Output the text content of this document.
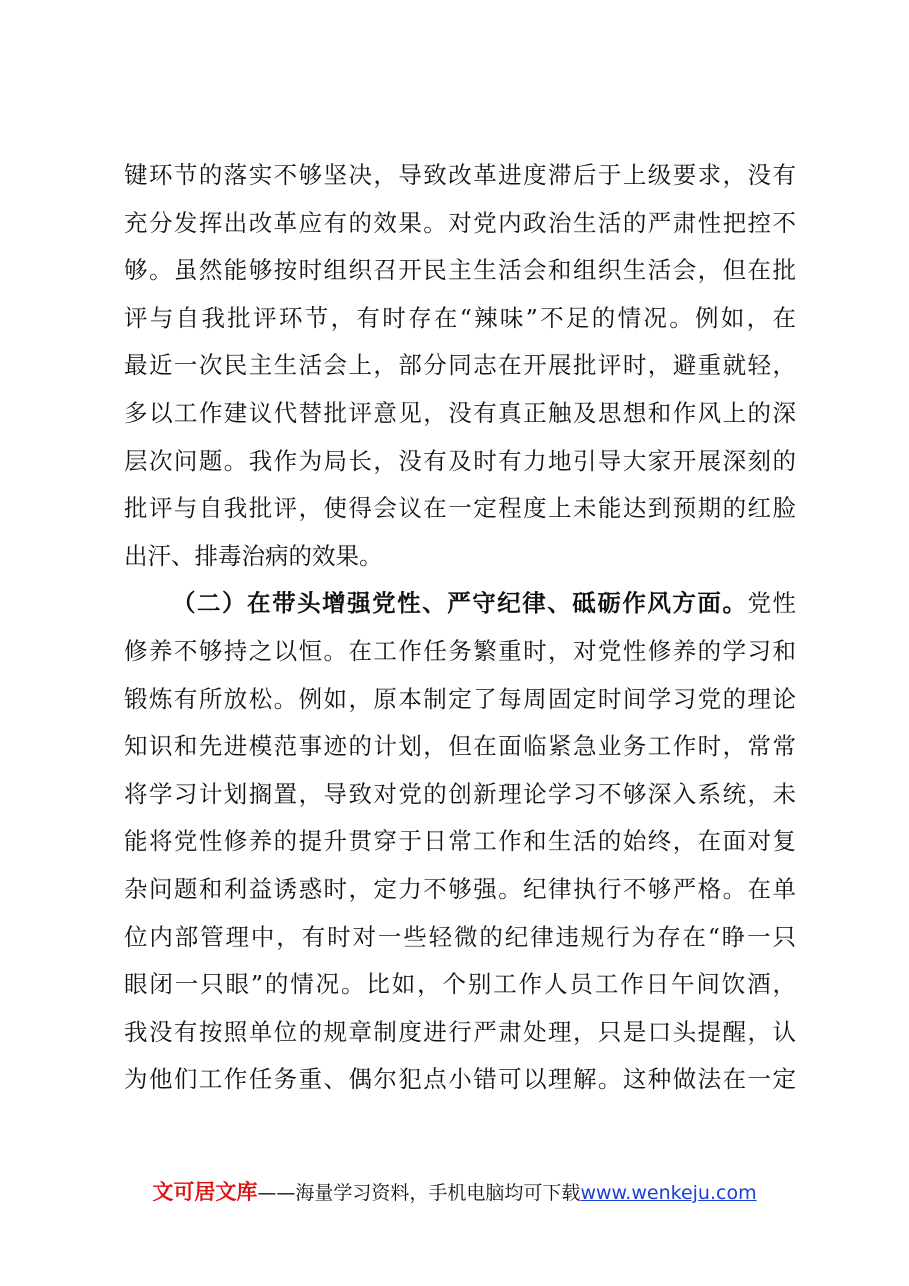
键环节的落实不够坚决，导致改革进度滞后于上级要求，没有
充分发挥出改革应有的效果。对党内政治生活的严肃性把控不
够。虽然能够按时组织召开民主生活会和组织生活会，但在批
评与自我批评环节，有时存在“辣味”不足的情况。例如，在
最近一次民主生活会上，部分同志在开展批评时，避重就轻，
多以工作建议代替批评意见，没有真正触及思想和作风上的深
层次问题。我作为局长，没有及时有力地引导大家开展深刻的
批评与自我批评，使得会议在一定程度上未能达到预期的红脸
出汗、排毒治病的效果。
（二）在带头增强党性、严守纪律、砥砺作风方面。党性
修养不够持之以恒。在工作任务繁重时，对党性修养的学习和
锻炼有所放松。例如，原本制定了每周固定时间学习党的理论
知识和先进模范事迹的计划，但在面临紧急业务工作时，常常
将学习计划搁置，导致对党的创新理论学习不够深入系统，未
能将党性修养的提升贯穿于日常工作和生活的始终，在面对复
杂问题和利益诱惑时，定力不够强。纪律执行不够严格。在单
位内部管理中，有时对一些轻微的纪律违规行为存在“睁一只
眼闭一只眼”的情况。比如，个别工作人员工作日午间饮酒，
我没有按照单位的规章制度进行严肃处理，只是口头提醒，认
为他们工作任务重、偶尔犯点小错可以理解。这种做法在一定
文可居文库——海量学习资料，手机电脑均可下载www.wenkeju.com
